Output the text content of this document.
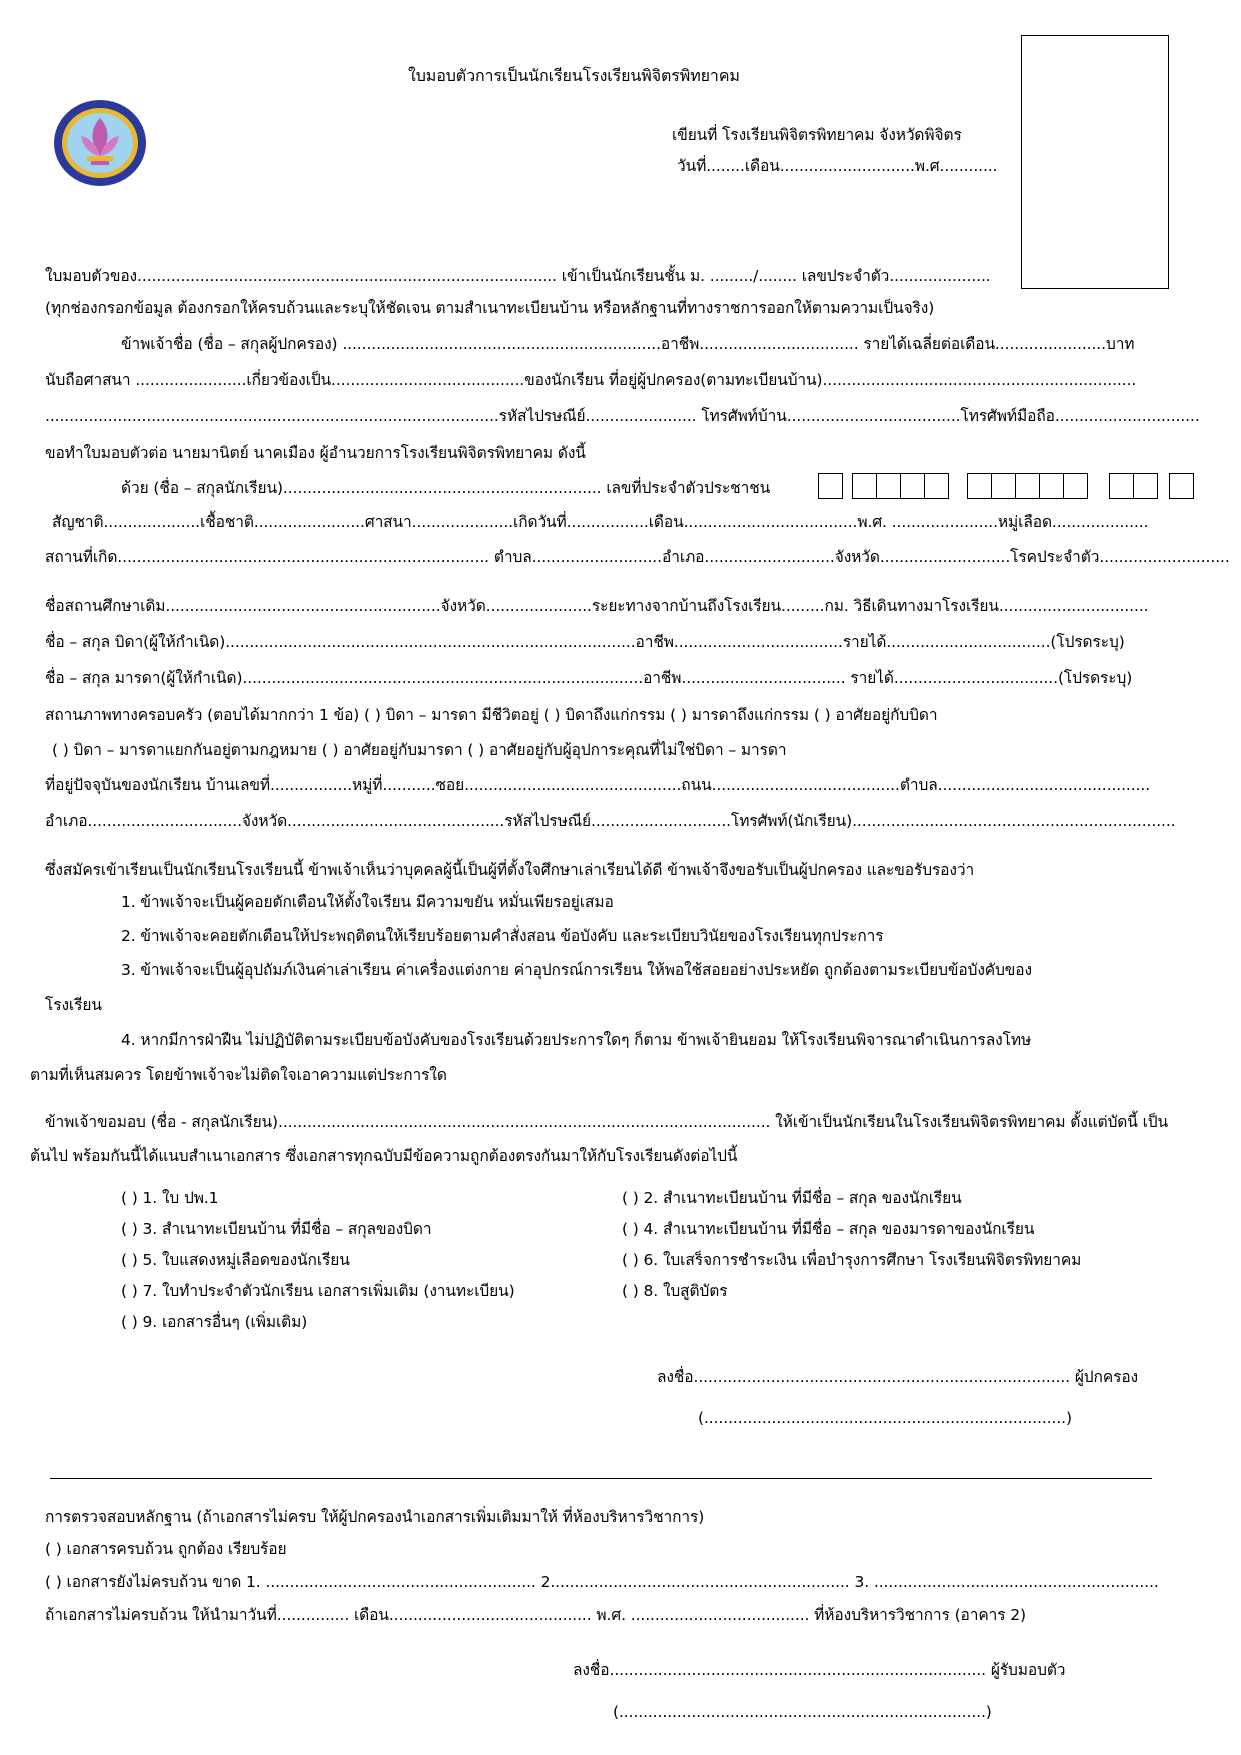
ใบมอบตัวการเป็นนักเรียนโรงเรียนพิจิตรพิทยาคม
เขียนที่ โรงเรียนพิจิตรพิทยาคม จังหวัดพิจิตร
วันที่........เดือน............................พ.ศ............
ใบมอบตัวของ....................................................................................... เข้าเป็นนักเรียนชั้น ม. ........./........ เลขประจำตัว.....................
(ทุกช่องกรอกข้อมูล ต้องกรอกให้ครบถ้วนและระบุให้ชัดเจน ตามสำเนาทะเบียนบ้าน หรือหลักฐานที่ทางราชการออกให้ตามความเป็นจริง)
ข้าพเจ้าชื่อ (ชื่อ – สกุลผู้ปกครอง) ..................................................................อาชีพ................................. รายได้เฉลี่ยต่อเดือน.......................บาท
นับถือศาสนา .......................เกี่ยวข้องเป็น........................................ของนักเรียน ที่อยู่ผู้ปกครอง(ตามทะเบียนบ้าน).................................................................
..............................................................................................รหัสไปรษณีย์....................... โทรศัพท์บ้าน....................................โทรศัพท์มือถือ..............................
ขอทำใบมอบตัวต่อ นายมานิตย์ นาคเมือง ผู้อำนวยการโรงเรียนพิจิตรพิทยาคม ดังนี้
ด้วย (ชื่อ – สกุลนักเรียน).................................................................. เลขที่ประจำตัวประชาชน
สัญชาติ....................เชื้อชาติ.......................ศาสนา.....................เกิดวันที่.................เดือน....................................พ.ศ. ......................หมู่เลือด....................
สถานที่เกิด............................................................................. ตำบล...........................อำเภอ...........................จังหวัด...........................โรคประจำตัว...........................
ชื่อสถานศึกษาเดิม.........................................................จังหวัด......................ระยะทางจากบ้านถึงโรงเรียน.........กม. วิธีเดินทางมาโรงเรียน...............................
ชื่อ – สกุล บิดา(ผู้ให้กำเนิด).....................................................................................อาชีพ...................................รายได้..................................(โปรดระบุ)
ชื่อ – สกุล มารดา(ผู้ให้กำเนิด)...................................................................................อาชีพ.................................. รายได้..................................(โปรดระบุ)
สถานภาพทางครอบครัว (ตอบได้มากกว่า 1 ข้อ) ( ) บิดา – มารดา มีชีวิตอยู่ ( ) บิดาถึงแก่กรรม ( ) มารดาถึงแก่กรรม ( ) อาศัยอยู่กับบิดา
( ) บิดา – มารดาแยกกันอยู่ตามกฎหมาย ( ) อาศัยอยู่กับมารดา ( ) อาศัยอยู่กับผู้อุปการะคุณที่ไม่ใช่บิดา – มารดา
ที่อยู่ปัจจุบันของนักเรียน บ้านเลขที่.................หมู่ที่...........ซอย.............................................ถนน.......................................ตำบล............................................
อำเภอ................................จังหวัด.............................................รหัสไปรษณีย์.............................โทรศัพท์(นักเรียน)...................................................................
ซึ่งสมัครเข้าเรียนเป็นนักเรียนโรงเรียนนี้ ข้าพเจ้าเห็นว่าบุคคลผู้นี้เป็นผู้ที่ตั้งใจศึกษาเล่าเรียนได้ดี ข้าพเจ้าจึงขอรับเป็นผู้ปกครอง และขอรับรองว่า
1. ข้าพเจ้าจะเป็นผู้คอยตักเตือนให้ตั้งใจเรียน มีความขยัน หมั่นเพียรอยู่เสมอ
2. ข้าพเจ้าจะคอยตักเตือนให้ประพฤติตนให้เรียบร้อยตามคำสั่งสอน ข้อบังคับ และระเบียบวินัยของโรงเรียนทุกประการ
3. ข้าพเจ้าจะเป็นผู้อุปถัมภ์เงินค่าเล่าเรียน ค่าเครื่องแต่งกาย ค่าอุปกรณ์การเรียน ให้พอใช้สอยอย่างประหยัด ถูกต้องตามระเบียบข้อบังคับของ
โรงเรียน
4. หากมีการฝ่าฝืน ไม่ปฏิบัติตามระเบียบข้อบังคับของโรงเรียนด้วยประการใดๆ ก็ตาม ข้าพเจ้ายินยอม ให้โรงเรียนพิจารณาดำเนินการลงโทษ
ตามที่เห็นสมควร โดยข้าพเจ้าจะไม่ติดใจเอาความแต่ประการใด
ข้าพเจ้าขอมอบ (ชื่อ - สกุลนักเรียน)...................................................................................................... ให้เข้าเป็นนักเรียนในโรงเรียนพิจิตรพิทยาคม ตั้งแต่บัดนี้ เป็น
ต้นไป พร้อมกันนี้ได้แนบสำเนาเอกสาร ซึ่งเอกสารทุกฉบับมีข้อความถูกต้องตรงกันมาให้กับโรงเรียนดังต่อไปนี้
( ) 1. ใบ ปพ.1	( ) 2. สำเนาทะเบียนบ้าน ที่มีชื่อ – สกุล ของนักเรียน
( ) 3. สำเนาทะเบียนบ้าน ที่มีชื่อ – สกุลของบิดา	( ) 4. สำเนาทะเบียนบ้าน ที่มีชื่อ – สกุล ของมารดาของนักเรียน
( ) 5. ใบแสดงหมู่เลือดของนักเรียน	( ) 6. ใบเสร็จการชำระเงิน เพื่อบำรุงการศึกษา โรงเรียนพิจิตรพิทยาคม
( ) 7. ใบทำประจำตัวนักเรียน เอกสารเพิ่มเติม (งานทะเบียน)	( ) 8. ใบสูติบัตร
( ) 9. เอกสารอื่นๆ (เพิ่มเติม)
ลงชื่อ.............................................................................. ผู้ปกครอง
(...........................................................................)
การตรวจสอบหลักฐาน (ถ้าเอกสารไม่ครบ ให้ผู้ปกครองนำเอกสารเพิ่มเติมมาให้ ที่ห้องบริหารวิชาการ)
( ) เอกสารครบถ้วน ถูกต้อง เรียบร้อย
( ) เอกสารยังไม่ครบถ้วน ขาด 1. ........................................................ 2.............................................................. 3. ...........................................................
ถ้าเอกสารไม่ครบถ้วน ให้นำมาวันที่............... เดือน.......................................... พ.ศ. ..................................... ที่ห้องบริหารวิชาการ (อาคาร 2)
ลงชื่อ.............................................................................. ผู้รับมอบตัว
(............................................................................)
